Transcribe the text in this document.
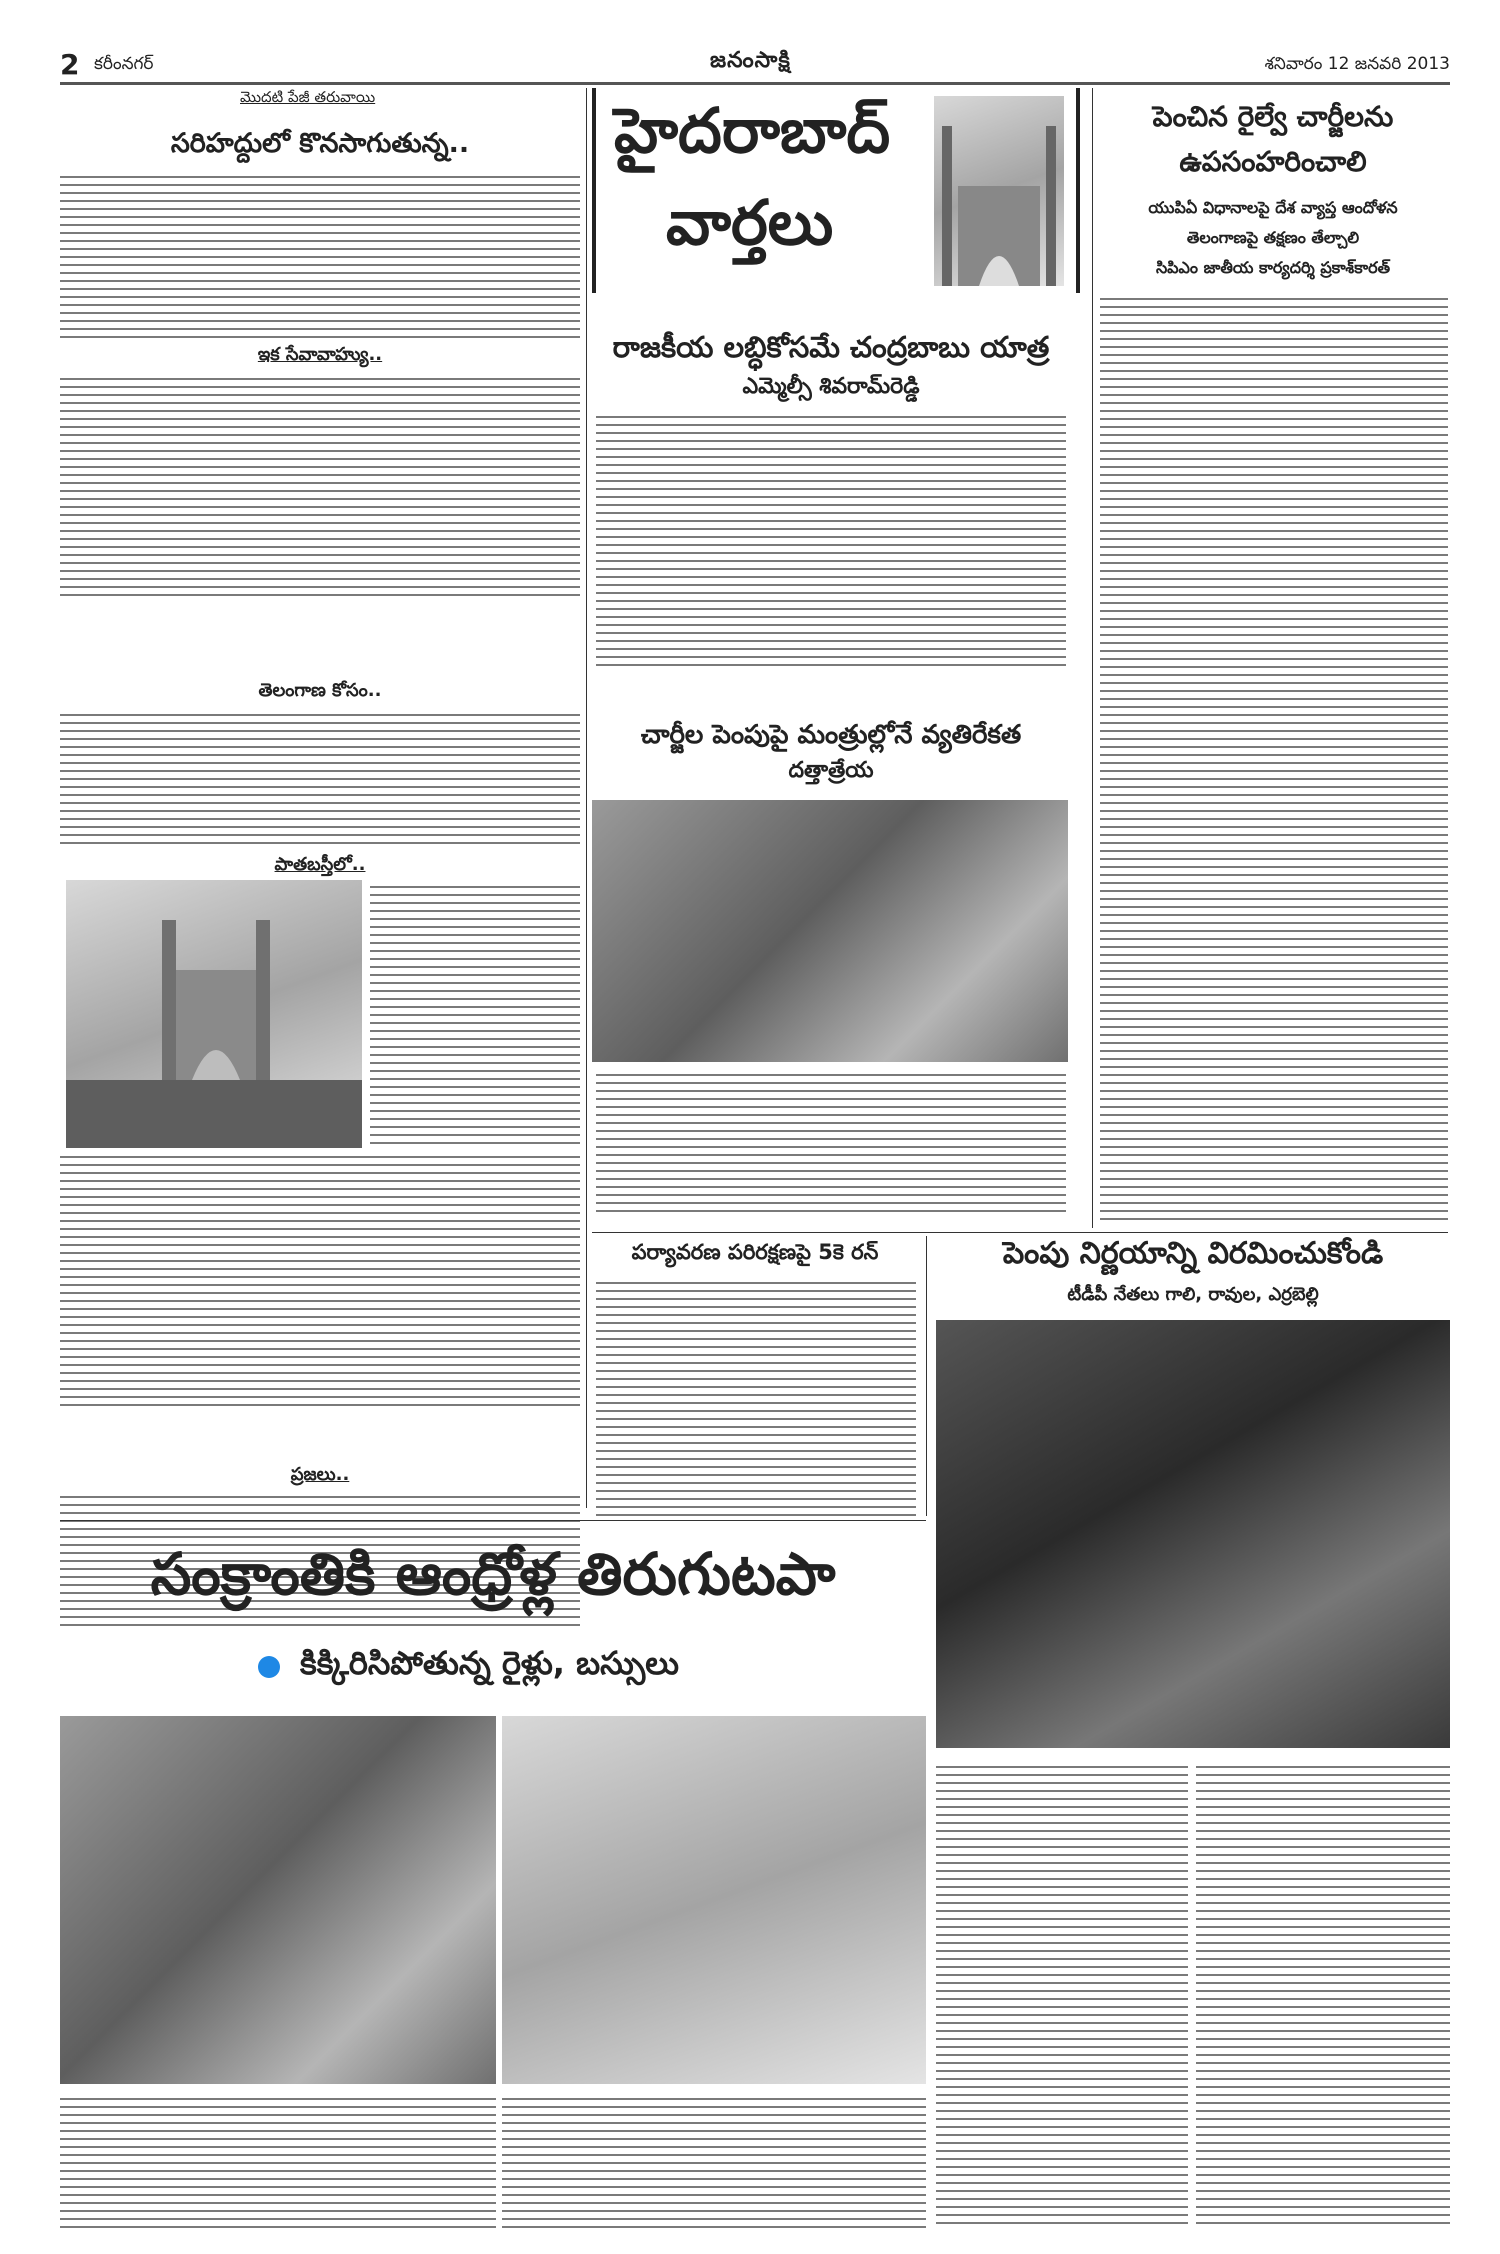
2 కరీంనగర్	జనంసాక్షి	శనివారం 12 జనవరి 2013
మొదటి పేజీ తరువాయి
సరిహద్దులో కొనసాగుతున్న..
ఇక సేవావాహ్యు..
తెలంగాణ కోసం..
పాతబస్తీలో..
ప్రజలు..
హైదరాబాద్
వార్తలు
రాజకీయ లబ్ధికోసమే చంద్రబాబు యాత్ర
ఎమ్మెల్సీ శివరామ్‌రెడ్డి
చార్జీల పెంపుపై మంత్రుల్లోనే వ్యతిరేకత
దత్తాత్రేయ
పెంచిన రైల్వే చార్జీలను
ఉపసంహరించాలి
యుపిఏ విధానాలపై దేశ వ్యాప్త ఆందోళన
తెలంగాణపై తక్షణం తేల్చాలి
సిపిఎం జాతీయ కార్యదర్శి ప్రకాశ్‌కారత్
పర్యావరణ పరిరక్షణపై 5కె రన్	పెంపు నిర్ణయాన్ని విరమించుకోండి
టీడీపీ నేతలు గాలి, రావుల, ఎర్రబెల్లి
సంక్రాంతికి ఆంధ్రోళ్ల తిరుగుటపా
కిక్కిరిసిపోతున్న రైళ్లు, బస్సులు
